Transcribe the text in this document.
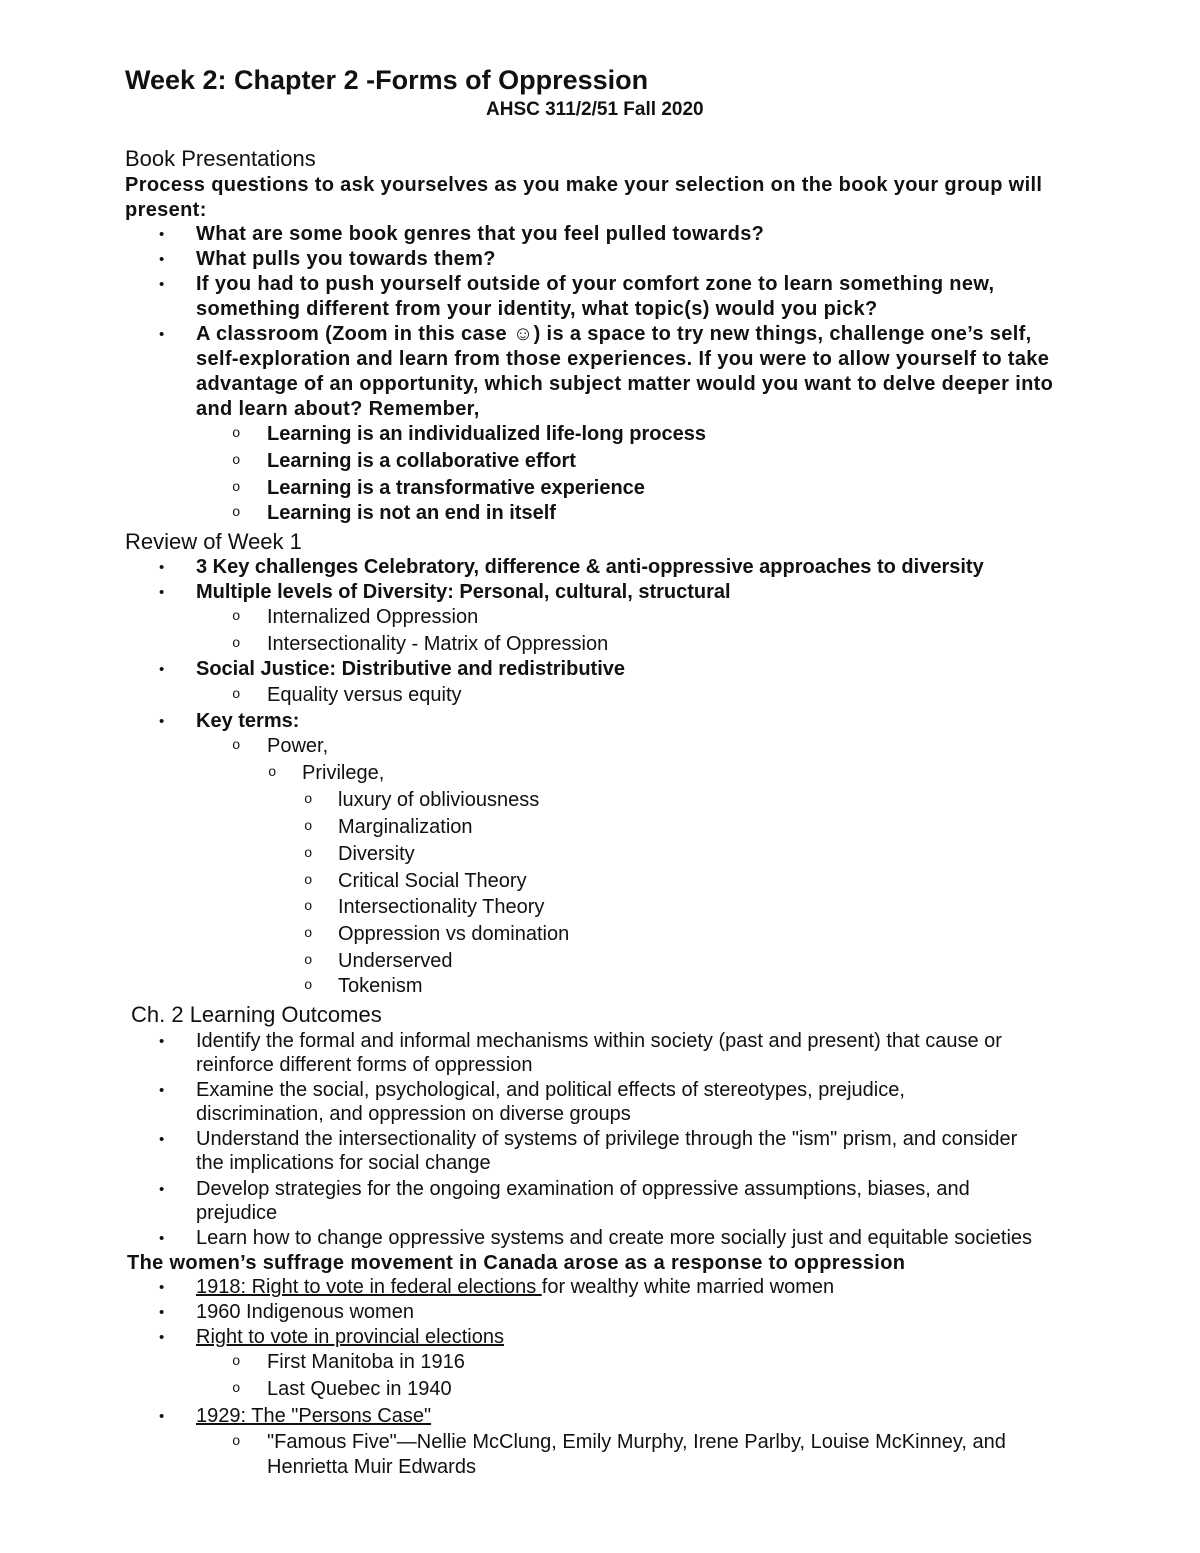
Week 2: Chapter 2 -Forms of Oppression
AHSC 311/2/51 Fall 2020
Book Presentations
Process questions to ask yourselves as you make your selection on the book your group will
present:
• What are some book genres that you feel pulled towards?
• What pulls you towards them?
• If you had to push yourself outside of your comfort zone to learn something new,
something different from your identity, what topic(s) would you pick?
• A classroom (Zoom in this case ☺) is a space to try new things, challenge one’s self,
self-exploration and learn from those experiences. If you were to allow yourself to take
advantage of an opportunity, which subject matter would you want to delve deeper into
and learn about? Remember,
o Learning is an individualized life-long process
o Learning is a collaborative effort
o Learning is a transformative experience
o Learning is not an end in itself
Review of Week 1
• 3 Key challenges Celebratory, difference & anti-oppressive approaches to diversity
• Multiple levels of Diversity: Personal, cultural, structural
o Internalized Oppression
o Intersectionality - Matrix of Oppression
• Social Justice: Distributive and redistributive
o Equality versus equity
• Key terms:
o Power,
o Privilege,
o luxury of obliviousness
o Marginalization
o Diversity
o Critical Social Theory
o Intersectionality Theory
o Oppression vs domination
o Underserved
o Tokenism
Ch. 2 Learning Outcomes
• Identify the formal and informal mechanisms within society (past and present) that cause or
reinforce different forms of oppression
• Examine the social, psychological, and political effects of stereotypes, prejudice,
discrimination, and oppression on diverse groups
• Understand the intersectionality of systems of privilege through the "ism" prism, and consider
the implications for social change
• Develop strategies for the ongoing examination of oppressive assumptions, biases, and
prejudice
• Learn how to change oppressive systems and create more socially just and equitable societies
The women’s suffrage movement in Canada arose as a response to oppression
• 1918: Right to vote in federal elections for wealthy white married women
• 1960 Indigenous women
• Right to vote in provincial elections
o First Manitoba in 1916
o Last Quebec in 1940
• 1929: The "Persons Case"
o "Famous Five"—Nellie McClung, Emily Murphy, Irene Parlby, Louise McKinney, and
Henrietta Muir Edwards
